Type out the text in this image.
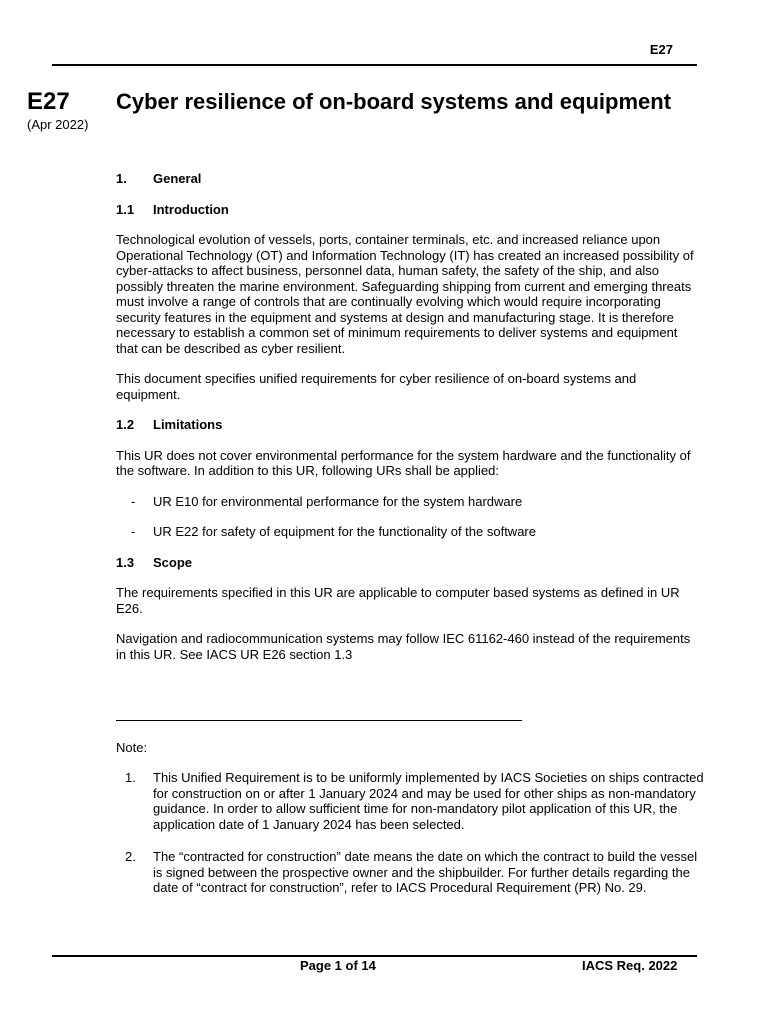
E27
E27
(Apr 2022)
Cyber resilience of on-board systems and equipment
1.	General
1.1	Introduction

Technological evolution of vessels, ports, container terminals, etc. and increased reliance upon Operational Technology (OT) and Information Technology (IT) has created an increased possibility of cyber-attacks to affect business, personnel data, human safety, the safety of the ship, and also possibly threaten the marine environment. Safeguarding shipping from current and emerging threats must involve a range of controls that are continually evolving which would require incorporating security features in the equipment and systems at design and manufacturing stage. It is therefore necessary to establish a common set of minimum requirements to deliver systems and equipment that can be described as cyber resilient.

This document specifies unified requirements for cyber resilience of on-board systems and equipment.

1.2	Limitations

This UR does not cover environmental performance for the system hardware and the functionality of the software. In addition to this UR, following URs shall be applied:

-	UR E10 for environmental performance for the system hardware
-	UR E22 for safety of equipment for the functionality of the software
1.3	Scope

The requirements specified in this UR are applicable to computer based systems as defined in UR E26.

Navigation and radiocommunication systems may follow IEC 61162-460 instead of the requirements in this UR. See IACS UR E26 section 1.3

Note:
1.	This Unified Requirement is to be uniformly implemented by IACS Societies on ships contracted for construction on or after 1 January 2024 and may be used for other ships as non-mandatory guidance. In order to allow sufficient time for non-mandatory pilot application of this UR, the application date of 1 January 2024 has been selected.
2.	The “contracted for construction” date means the date on which the contract to build the vessel is signed between the prospective owner and the shipbuilder. For further details regarding the date of “contract for construction”, refer to IACS Procedural Requirement (PR) No. 29.
Page 1 of 14	IACS Req. 2022
